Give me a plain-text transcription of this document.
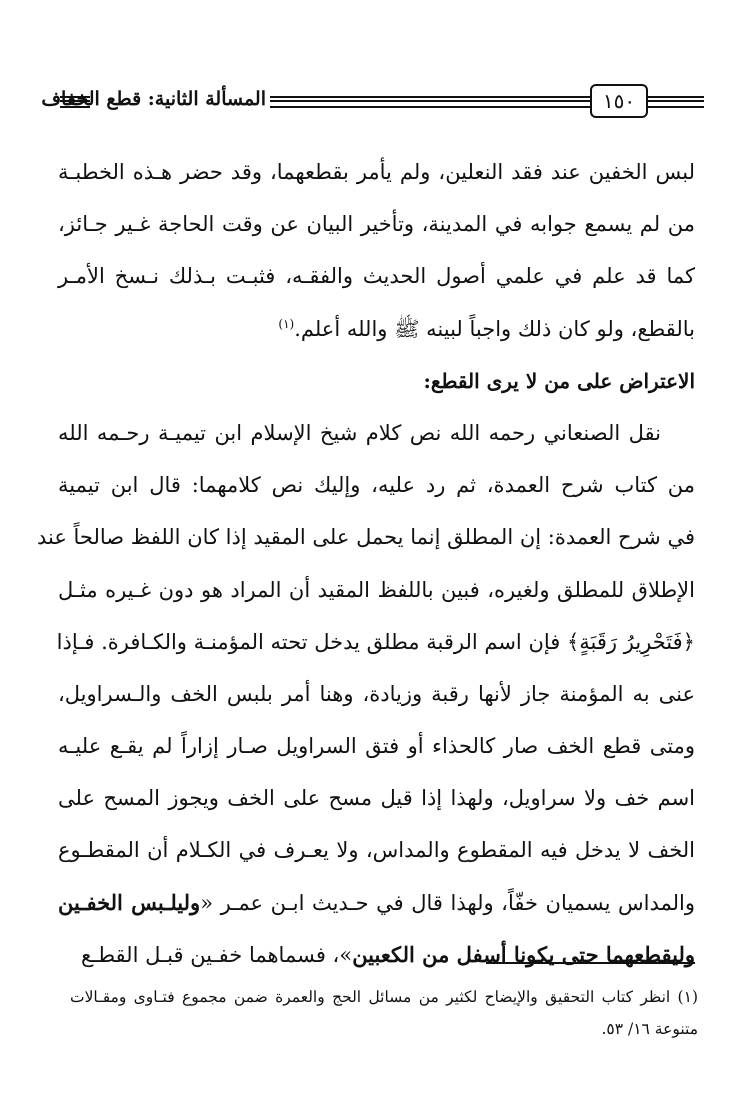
١٥٠
المسألة الثانية: قطع الخفاف
لبس الخفين عند فقد النعلين، ولم يأمر بقطعهما، وقد حضر هـذه الخطبـة
من لم يسمع جوابه في المدينة، وتأخير البيان عن وقت الحاجة غـير جـائز،
كما قد علم في علمي أصول الحديث والفقـه، فثبـت بـذلك نـسخ الأمـر
بالقطع، ولو كان ذلك واجباً لبينه ﷺ والله أعلم.$^{(١)}$
الاعتراض على من لا يرى القطع:
نقل الصنعاني رحمه الله نص كلام شيخ الإسلام ابن تيميـة رحـمه الله
من كتاب شرح العمدة، ثم رد عليه، وإليك نص كلامهما: قال ابن تيمية
في شرح العمدة: إن المطلق إنما يحمل على المقيد إذا كان اللفظ صالحاً عند
الإطلاق للمطلق ولغيره، فبين باللفظ المقيد أن المراد هو دون غـيره مثـل
﴿فَتَحْرِيرُ رَقَبَةٍ﴾ فإن اسم الرقبة مطلق يدخل تحته المؤمنـة والكـافرة. فـإذا
عنى به المؤمنة جاز لأنها رقبة وزيادة، وهنا أمر بلبس الخف والـسراويل،
ومتى قطع الخف صار كالحذاء أو فتق السراويل صـار إزاراً لم يقـع عليـه
اسم خف ولا سراويل، ولهذا إذا قيل مسح على الخف ويجوز المسح على
الخف لا يدخل فيه المقطوع والمداس، ولا يعـرف في الكـلام أن المقطـوع
والمداس يسميان خفّاً، ولهذا قال في حـديث ابـن عمـر «وليلـبس الخفـين
وليقطعهما حتى يكونا أسفل من الكعبين»، فسماهما خفـين قبـل القطـع
(١) انظر كتاب التحقيق والإيضاح لكثير من مسائل الحج والعمرة ضمن مجموع فتـاوى ومقـالات
متنوعة ١٦/ ٥٣.
